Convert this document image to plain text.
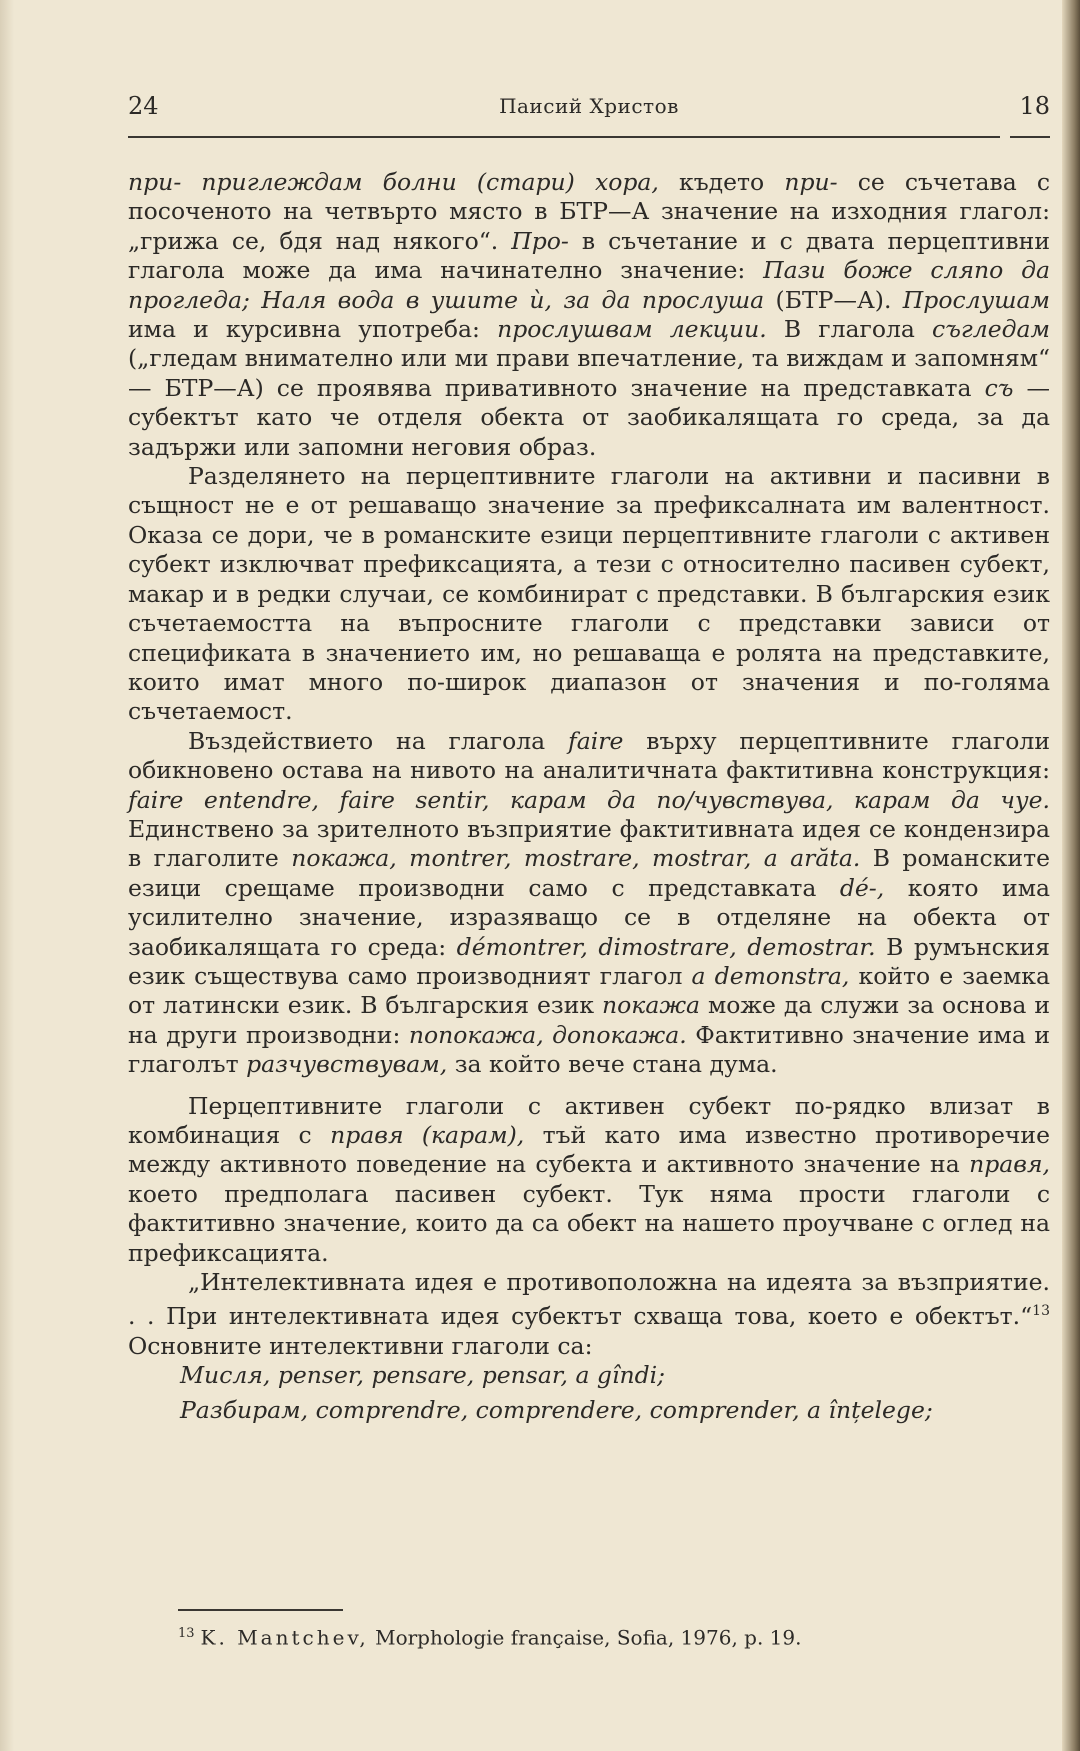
24	Паисий Христов	18

при- приглеждам болни (стари) хора, където при- се съчетава с посоченото на четвърто място в БТР—А значение на изходния глагол: „грижа се, бдя над някого“. Про- в съчетание и с двата перцептивни глагола може да има начинателно значение: Пази боже сляпо да прогледа; Наля вода в ушите ѝ, за да прослуша (БТР—А). Прослушам има и курсивна употреба: прослушвам лекции. В глагола съгледам („гледам внимателно или ми прави впечатление, та виждам и запомням“ — БТР—А) се проявява привативното значение на представката съ — субектът като че отделя обекта от заобикалящата го среда, за да задържи или запомни неговия образ.

Разделянето на перцептивните глаголи на активни и пасивни в същност не е от решаващо значение за префиксалната им валентност. Оказа се дори, че в романските езици перцептивните глаголи с активен субект изключват префиксацията, а тези с относително пасивен субект, макар и в редки случаи, се комбинират с представки. В българския език съчетаемостта на въпросните глаголи с представки зависи от спецификата в значението им, но решаваща е ролята на представките, които имат много по-широк диапазон от значения и по-голяма съчетаемост.

Въздействието на глагола faire върху перцептивните глаголи обикновено остава на нивото на аналитичната фактитивна конструкция: faire entendre, faire sentir, карам да по/чувствува, карам да чуе. Единствено за зрителното възприятие фактитивната идея се кондензира в глаголите покажа, montrer, mostrare, mostrar, a arăta. В романските езици срещаме производни само с представката dé-, която има усилително значение, изразяващо се в отделяне на обекта от заобикалящата го среда: démontrer, dimostrare, demostrar. В румънския език съществува само производният глагол a demonstra, който е заемка от латински език. В българския език покажа може да служи за основа и на други производни: попокажа, допокажа. Фактитивно значение има и глаголът разчувствувам, за който вече стана дума.

Перцептивните глаголи с активен субект по-рядко влизат в комбинация с правя (карам), тъй като има известно противоречие между активното поведение на субекта и активното значение на правя, което предполага пасивен субект. Тук няма прости глаголи с фактитивно значение, които да са обект на нашето проучване с оглед на префиксацията.

„Интелективната идея е противоположна на идеята за възприятие. . . При интелективната идея субектът схваща това, което е обектът.“$^{13}$ Основните интелективни глаголи са:

Мисля, penser, pensare, pensar, a gîndi;

Разбирам, comprendre, comprendere, comprender, a înțelege;

$^{13}$ K. Mantchev, Morphologie française, Sofia, 1976, p. 19.
